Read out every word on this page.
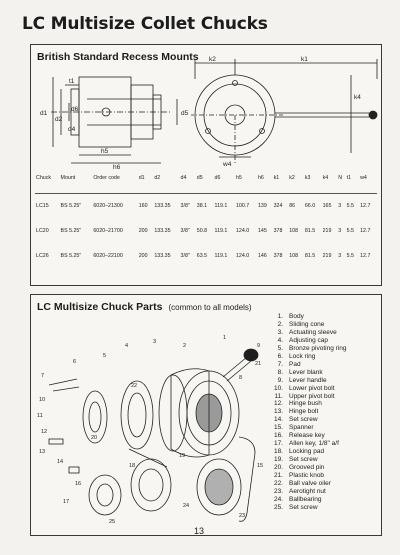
LC Multisize Collet Chucks
British Standard Recess Mounts
d1
d2
d4
d6
d5
t1
h5
h6
k2	k1
k4
w4
Chuck	Mount	Order code	d1	d2	d4	d5	d6	h5	h6	k1	k2	k3	k4	N	t1	w4
LC15	BS 5.25"	6020–21300	160	133.35	3/8"	38.1	119.1	100.7	139	324	86	66.0	165	3	5.5	12.7
LC20	BS 5.25"	6020–21700	200	133.35	3/8"	50.8	119.1	124.0	145	378	108	81.5	219	3	5.5	12.7
LC26	BS 5.25"	6020–22100	200	133.35	3/8"	63.5	119.1	124.0	146	378	108	81.5	219	3	5.5	12.7
LC Multisize Chuck Parts (common to all models)
1
2
3
4
5
6
7	8
9
10
11
12
13
14
15
16
17
18
19
20
21
22
23
24
25
1. Body
2. Sliding cone
3. Actuating sleeve
4. Adjusting cap
5. Bronze pivoting ring
6. Lock ring
7. Pad
8. Lever blank
9. Lever handle
10. Lower pivot bolt
11. Upper pivot bolt
12. Hinge bush
13. Hinge bolt
14. Set screw
15. Spanner
16. Release key
17. Allen key, 1/8" a/f
18. Locking pad
19. Set screw
20. Grooved pin
21. Plastic knob
22. Ball valve oiler
23. Aerotight nut
24. Ballbearing
25. Set screw
13
